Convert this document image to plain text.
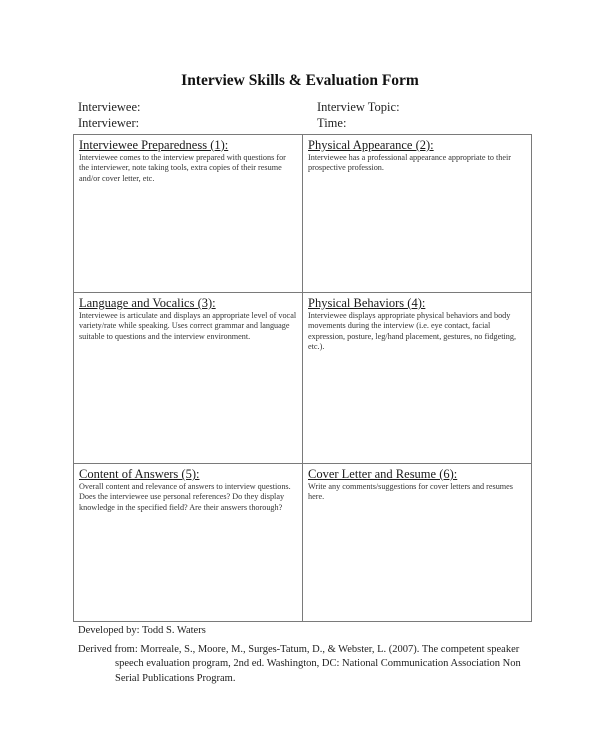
Interview Skills & Evaluation Form
Interviewee:
Interviewer:
Interview Topic:
Time:
Interviewee Preparedness (1):
Interviewee comes to the interview prepared with questions for the interviewer, note taking tools, extra copies of their resume and/or cover letter, etc.
Physical Appearance (2):
Interviewee has a professional appearance appropriate to their prospective profession.
Language and Vocalics (3):
Interviewee is articulate and displays an appropriate level of vocal variety/rate while speaking. Uses correct grammar and language suitable to questions and the interview environment.
Physical Behaviors (4):
Interviewee displays appropriate physical behaviors and body movements during the interview (i.e. eye contact, facial expression, posture, leg/hand placement, gestures, no fidgeting, etc.).
Content of Answers (5):
Overall content and relevance of answers to interview questions. Does the interviewee use personal references? Do they display knowledge in the specified field? Are their answers thorough?
Cover Letter and Resume (6):
Write any comments/suggestions for cover letters and resumes here.
Developed by: Todd S. Waters
Derived from: Morreale, S., Moore, M., Surges-Tatum, D., & Webster, L. (2007). The competent speaker speech evaluation program, 2nd ed. Washington, DC: National Communication Association Non Serial Publications Program.
